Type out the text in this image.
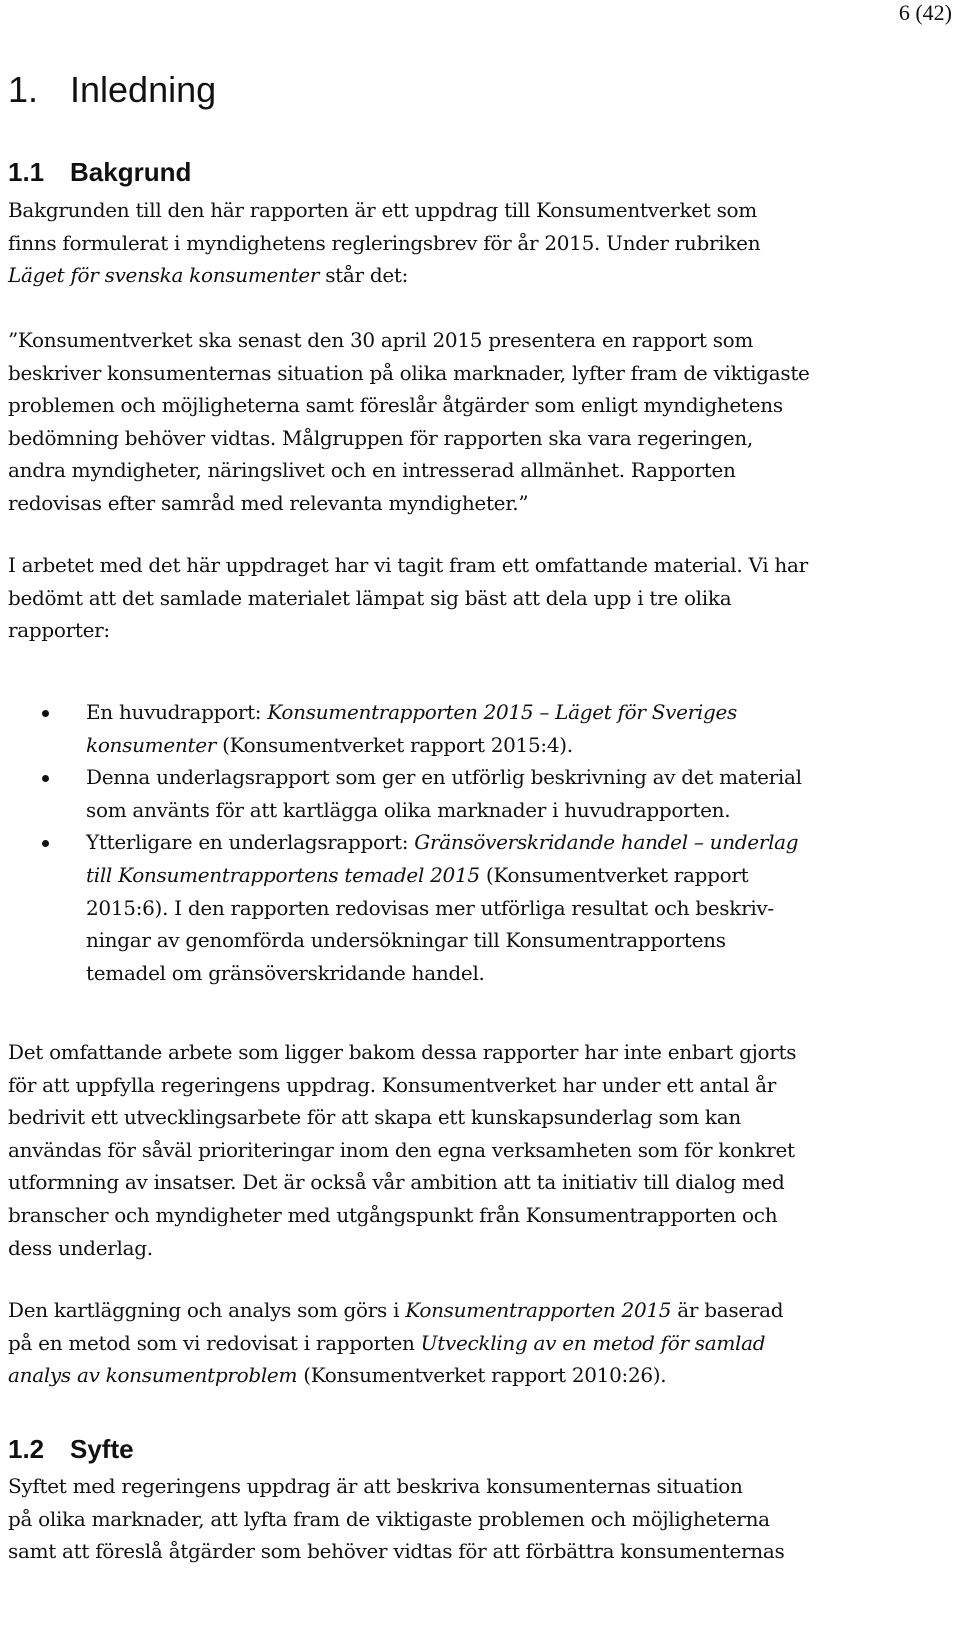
6 (42)
1. Inledning
1.1 Bakgrund

Bakgrunden till den här rapporten är ett uppdrag till Konsumentverket som
finns formulerat i myndighetens regleringsbrev för år 2015. Under rubriken
Läget för svenska konsumenter står det:

”Konsumentverket ska senast den 30 april 2015 presentera en rapport som
beskriver konsumenternas situation på olika marknader, lyfter fram de viktigaste
problemen och möjligheterna samt föreslår åtgärder som enligt myndighetens
bedömning behöver vidtas. Målgruppen för rapporten ska vara regeringen,
andra myndigheter, näringslivet och en intresserad allmänhet. Rapporten
redovisas efter samråd med relevanta myndigheter.”

I arbetet med det här uppdraget har vi tagit fram ett omfattande material. Vi har
bedömt att det samlade materialet lämpat sig bäst att dela upp i tre olika
rapporter:

En huvudrapport: Konsumentrapporten 2015 – Läget för Sveriges
konsumenter (Konsumentverket rapport 2015:4).
Denna underlagsrapport som ger en utförlig beskrivning av det material
som använts för att kartlägga olika marknader i huvudrapporten.
Ytterligare en underlagsrapport: Gränsöverskridande handel – underlag
till Konsumentrapportens temadel 2015 (Konsumentverket rapport
2015:6). I den rapporten redovisas mer utförliga resultat och beskriv-
ningar av genomförda undersökningar till Konsumentrapportens
temadel om gränsöverskridande handel.

Det omfattande arbete som ligger bakom dessa rapporter har inte enbart gjorts
för att uppfylla regeringens uppdrag. Konsumentverket har under ett antal år
bedrivit ett utvecklingsarbete för att skapa ett kunskapsunderlag som kan
användas för såväl prioriteringar inom den egna verksamheten som för konkret
utformning av insatser. Det är också vår ambition att ta initiativ till dialog med
branscher och myndigheter med utgångspunkt från Konsumentrapporten och
dess underlag.

Den kartläggning och analys som görs i Konsumentrapporten 2015 är baserad
på en metod som vi redovisat i rapporten Utveckling av en metod för samlad
analys av konsumentproblem (Konsumentverket rapport 2010:26).

1.2 Syfte

Syftet med regeringens uppdrag är att beskriva konsumenternas situation
på olika marknader, att lyfta fram de viktigaste problemen och möjligheterna
samt att föreslå åtgärder som behöver vidtas för att förbättra konsumenternas
